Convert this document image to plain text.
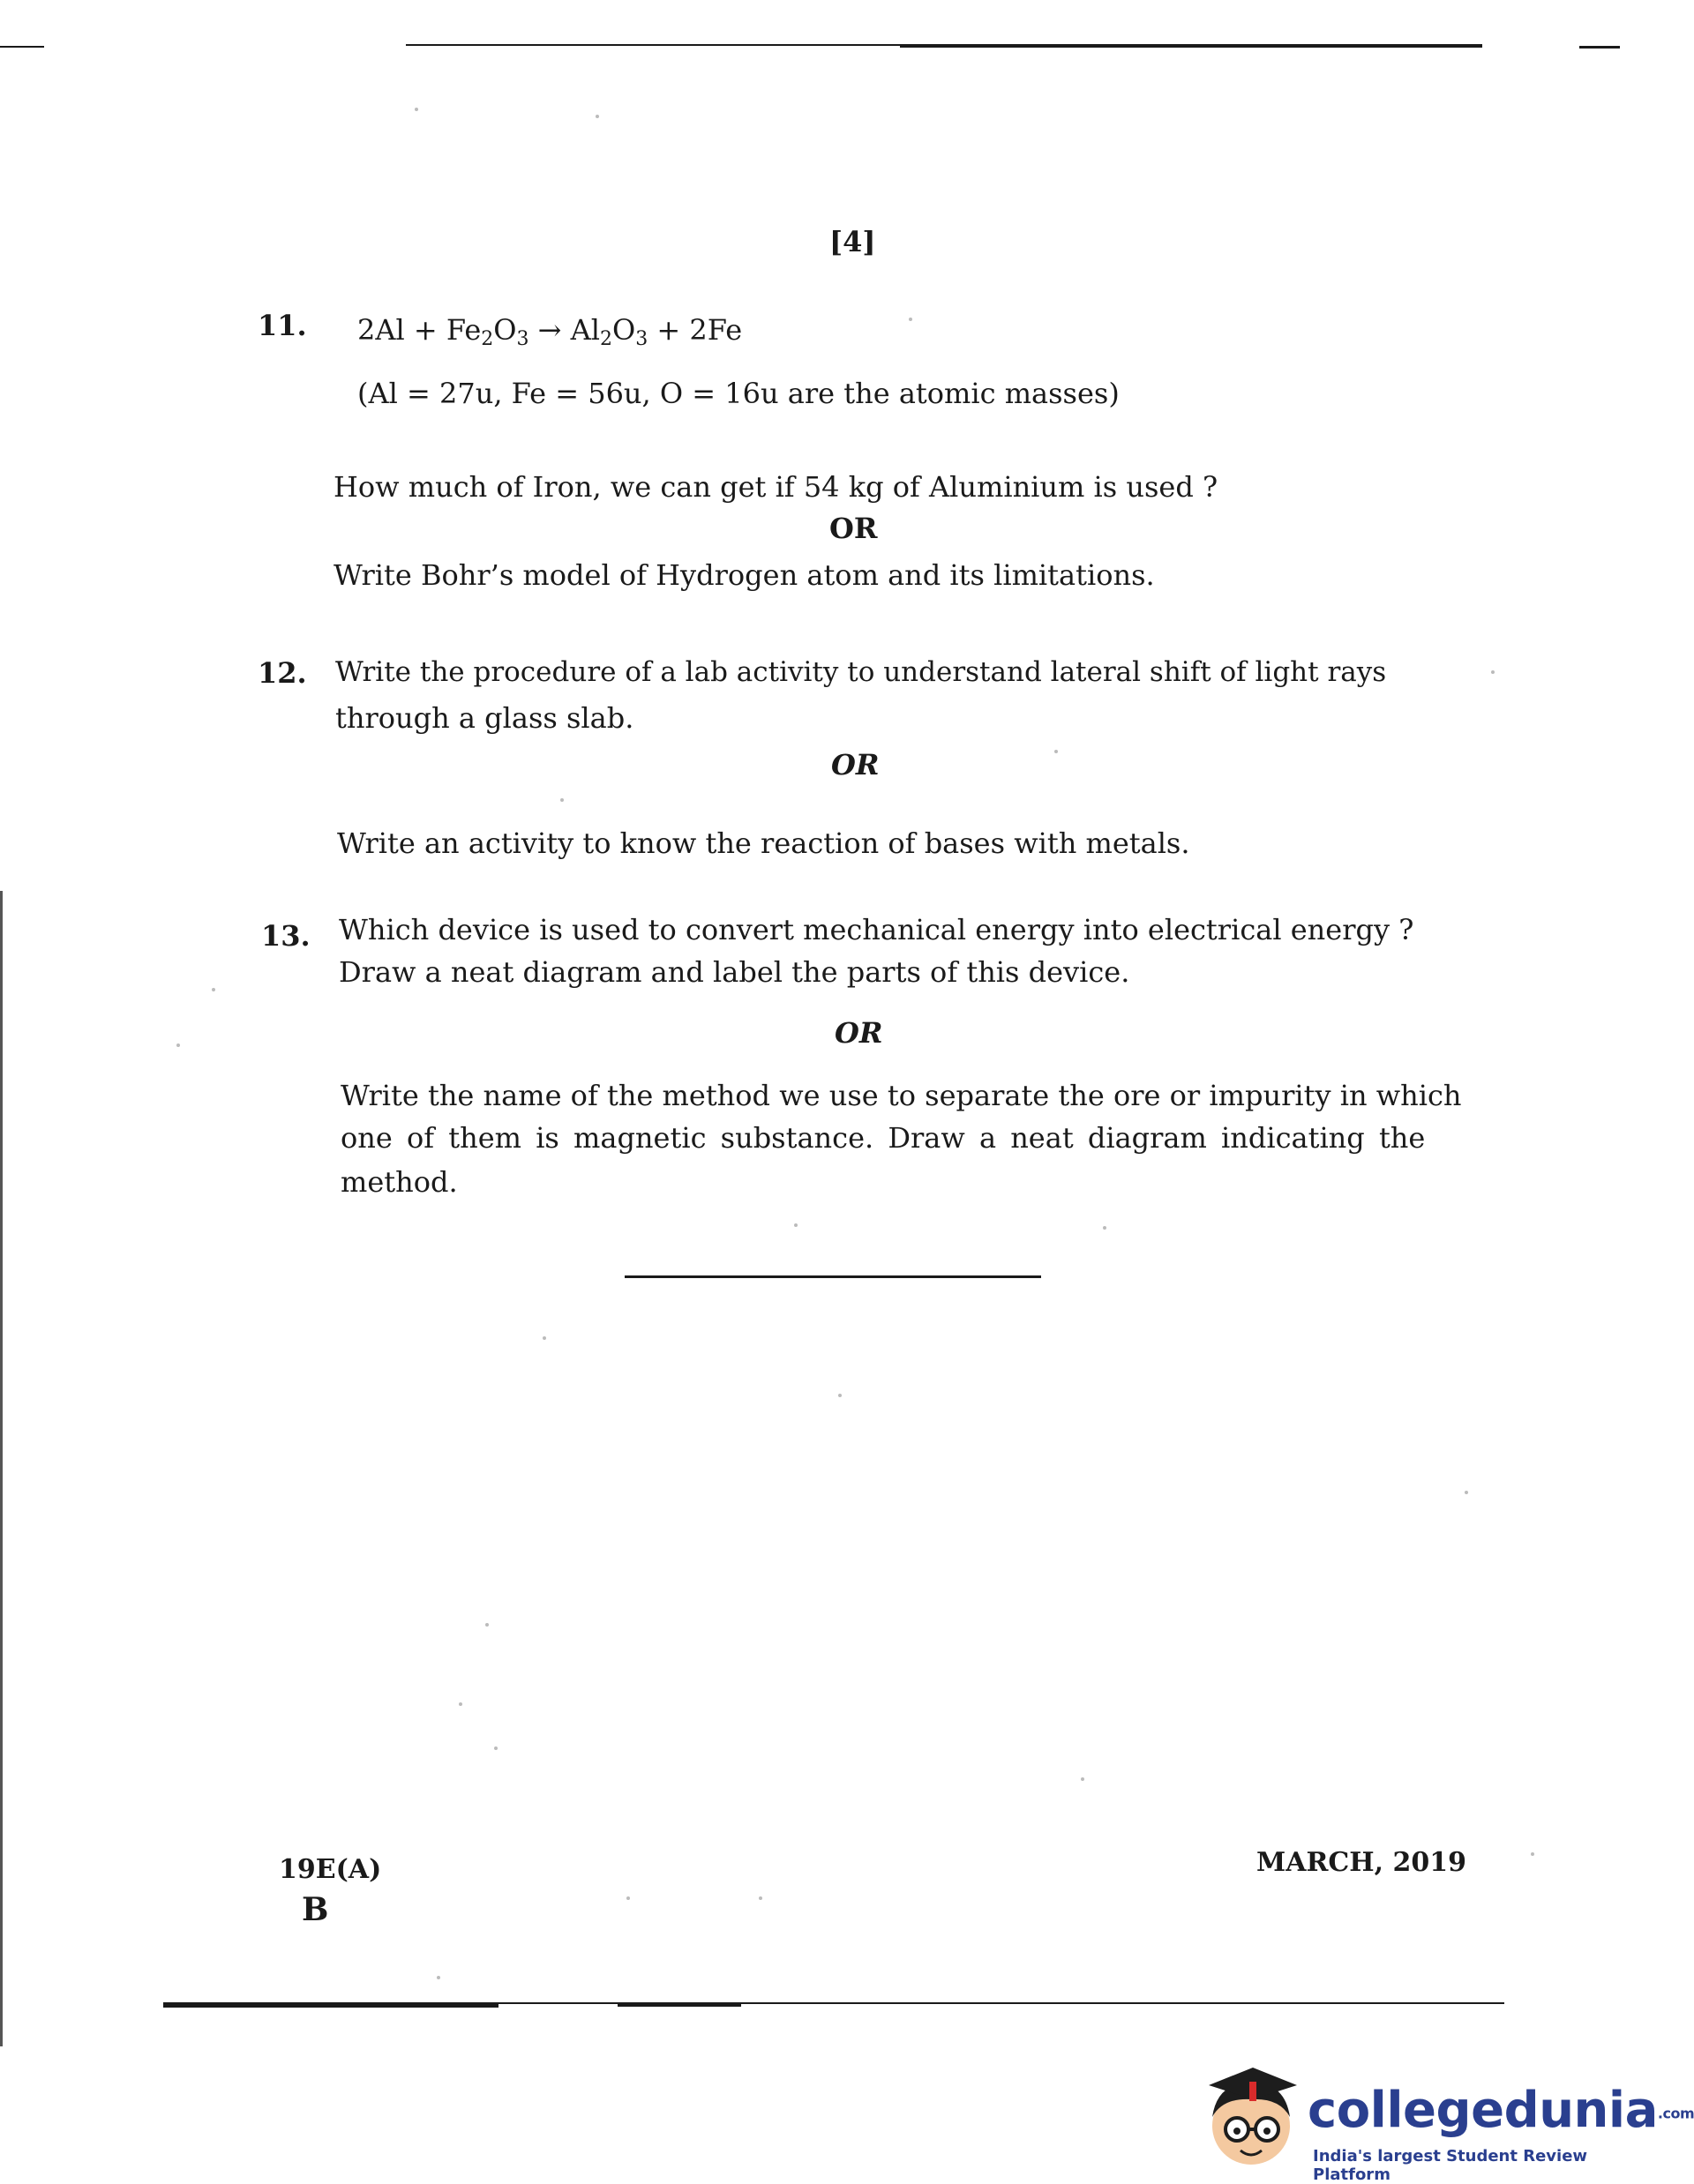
[4]
11. $2Al + Fe_2O_3 \to Al_2O_3 + 2Fe$
(Al = 27u, Fe = 56u, O = 16u are the atomic masses)
How much of Iron, we can get if 54 kg of Aluminium is used ?
OR
Write Bohr’s model of Hydrogen atom and its limitations.
12. Write the procedure of a lab activity to understand lateral shift of light rays
through a glass slab.
OR
Write an activity to know the reaction of bases with metals.
13. Which device is used to convert mechanical energy into electrical energy ?
Draw a neat diagram and label the parts of this device.
OR
Write the name of the method we use to separate the ore or impurity in which
one of them is magnetic substance. Draw a neat diagram indicating the
method.
19E(A)
B
MARCH, 2019
collegedunia.com
India's largest Student Review Platform
